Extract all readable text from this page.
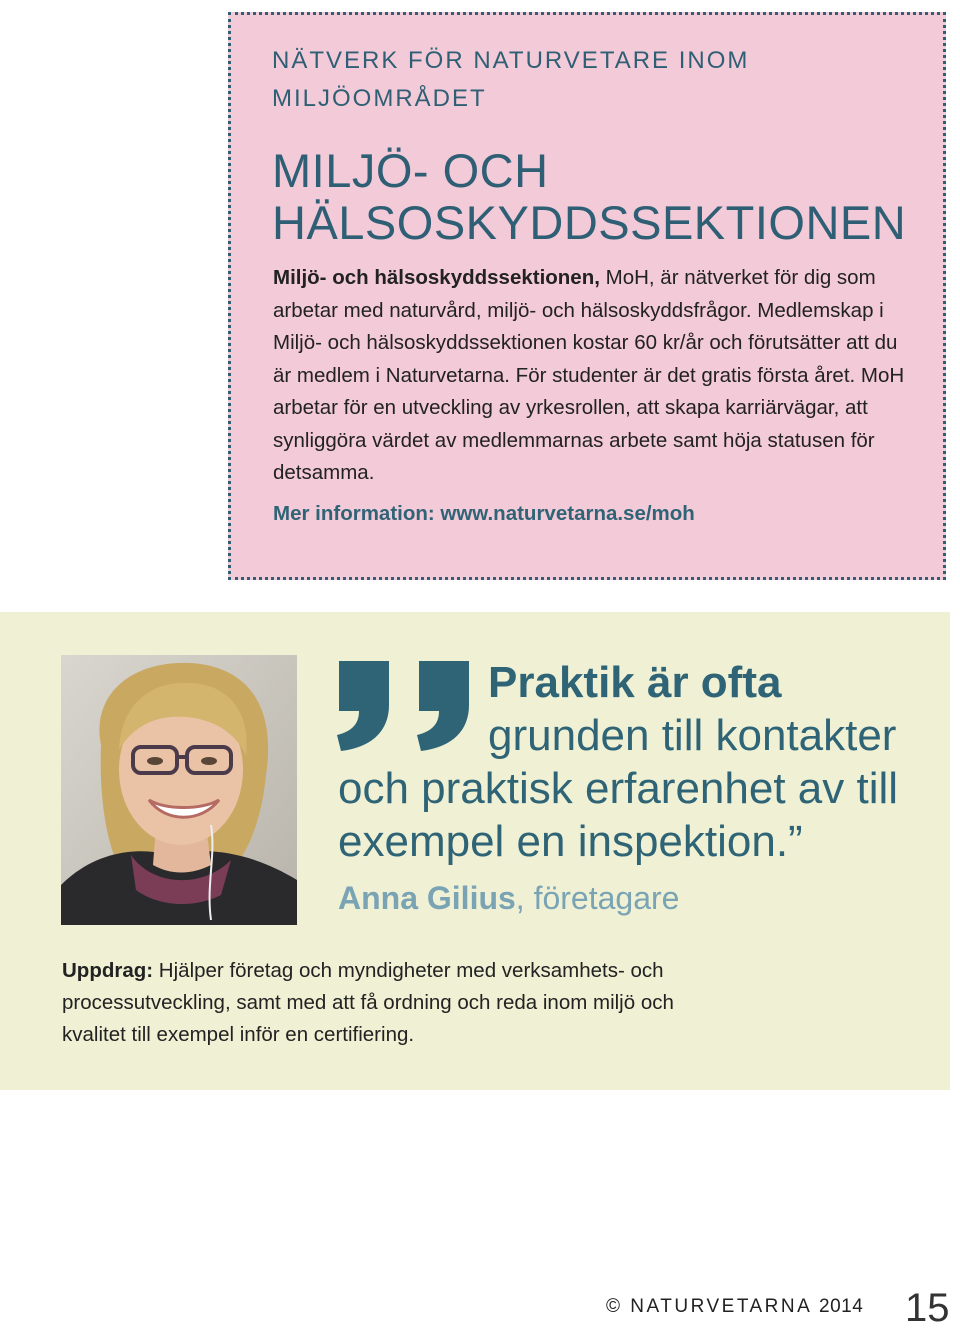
NÄTVERK FÖR NATURVETARE INOM MILJÖOMRÅDET
MILJÖ- OCH HÄLSOSKYDDSSEKTIONEN
Miljö- och hälsoskyddssektionen, MoH, är nätverket för dig som arbetar med naturvård, miljö- och hälsoskyddsfrågor. Medlemskap i Miljö- och hälsoskyddssektionen kostar 60 kr/år och förutsätter att du är medlem i Naturvetarna. För studenter är det gratis första året. MoH arbetar för en utveckling av yrkesrollen, att skapa karriärvägar, att synliggöra värdet av medlemmarnas arbete samt höja statusen för detsamma.
Mer information: www.naturvetarna.se/moh
Praktik är ofta
grunden till kontakter
och praktisk erfarenhet av till exempel en inspektion.”
Anna Gilius, företagare
Uppdrag: Hjälper företag och myndigheter med verksamhets- och processutveckling, samt med att få ordning och reda inom miljö och kvalitet till exempel inför en certifiering.
© NATURVETARNA 2014 15
